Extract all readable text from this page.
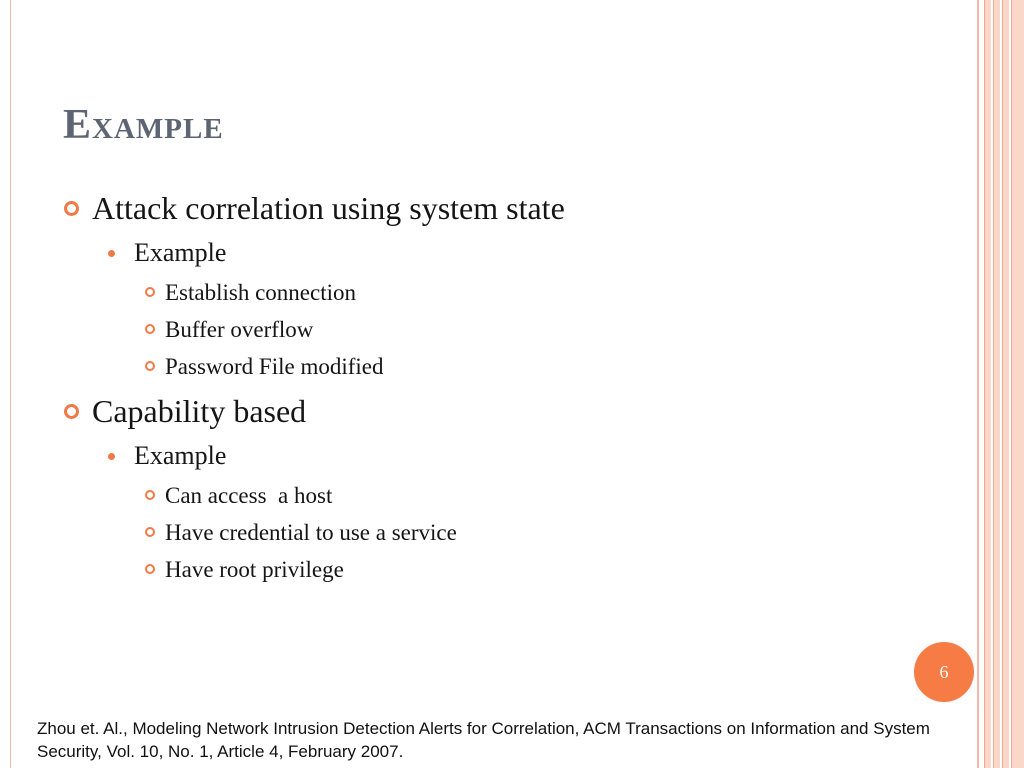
Example
Attack correlation using system state
Example
Establish connection
Buffer overflow
Password File modified
Capability based
Example
Can access  a host
Have credential to use a service
Have root privilege
6

Zhou et. Al., Modeling Network Intrusion Detection Alerts for Correlation, ACM Transactions on Information and System Security, Vol. 10, No. 1, Article 4, February 2007.
